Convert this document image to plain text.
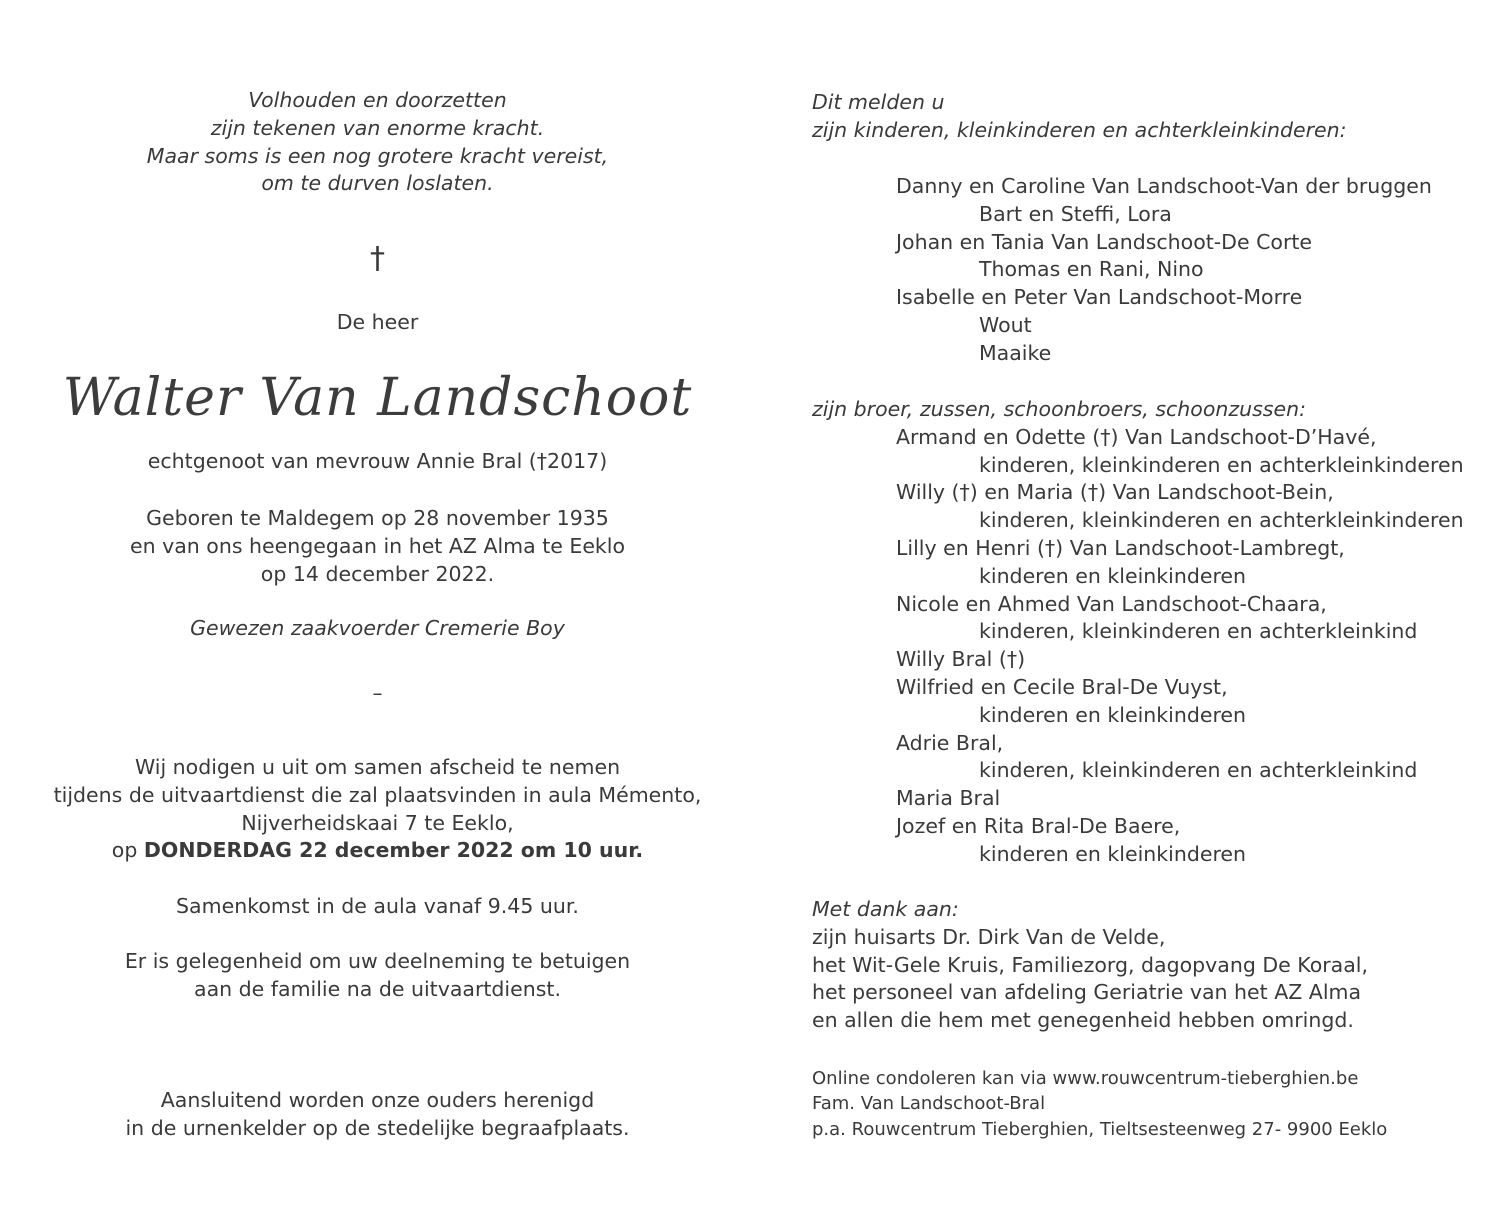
Volhouden en doorzetten
zijn tekenen van enorme kracht.
Maar soms is een nog grotere kracht vereist,
om te durven loslaten.
†
De heer
Walter Van Landschoot
echtgenoot van mevrouw Annie Bral (†2017)
Geboren te Maldegem op 28 november 1935
en van ons heengegaan in het AZ Alma te Eeklo
op 14 december 2022.
Gewezen zaakvoerder Cremerie Boy
–
Wij nodigen u uit om samen afscheid te nemen
tijdens de uitvaartdienst die zal plaatsvinden in aula Mémento,
Nijverheidskaai 7 te Eeklo,
op DONDERDAG 22 december 2022 om 10 uur.
Samenkomst in de aula vanaf 9.45 uur.
Er is gelegenheid om uw deelneming te betuigen
aan de familie na de uitvaartdienst.
Aansluitend worden onze ouders herenigd
in de urnenkelder op de stedelijke begraafplaats.
Dit melden u
zijn kinderen, kleinkinderen en achterkleinkinderen:
Danny en Caroline Van Landschoot-Van der bruggen
Bart en Steffi, Lora
Johan en Tania Van Landschoot-De Corte
Thomas en Rani, Nino
Isabelle en Peter Van Landschoot-Morre
Wout
Maaike
zijn broer, zussen, schoonbroers, schoonzussen:
Armand en Odette (†) Van Landschoot-D’Havé,
kinderen, kleinkinderen en achterkleinkinderen
Willy (†) en Maria (†) Van Landschoot-Bein,
kinderen, kleinkinderen en achterkleinkinderen
Lilly en Henri (†) Van Landschoot-Lambregt,
kinderen en kleinkinderen
Nicole en Ahmed Van Landschoot-Chaara,
kinderen, kleinkinderen en achterkleinkind
Willy Bral (†)
Wilfried en Cecile Bral-De Vuyst,
kinderen en kleinkinderen
Adrie Bral,
kinderen, kleinkinderen en achterkleinkind
Maria Bral
Jozef en Rita Bral-De Baere,
kinderen en kleinkinderen
Met dank aan:
zijn huisarts Dr. Dirk Van de Velde,
het Wit-Gele Kruis, Familiezorg, dagopvang De Koraal,
het personeel van afdeling Geriatrie van het AZ Alma
en allen die hem met genegenheid hebben omringd.
Online condoleren kan via www.rouwcentrum-tieberghien.be
Fam. Van Landschoot-Bral
p.a. Rouwcentrum Tieberghien, Tieltsesteenweg 27- 9900 Eeklo
